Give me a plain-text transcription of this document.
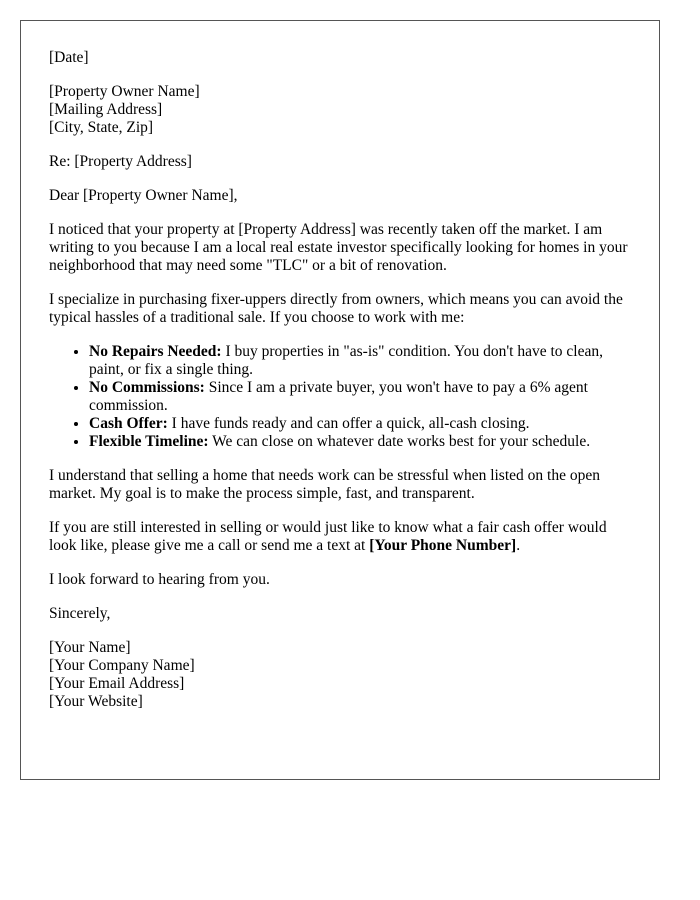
[Date]
[Property Owner Name]
[Mailing Address]
[City, State, Zip]

Re: [Property Address]

Dear [Property Owner Name],

I noticed that your property at [Property Address] was recently taken off the market. I am writing to you because I am a local real estate investor specifically looking for homes in your neighborhood that may need some "TLC" or a bit of renovation.

I specialize in purchasing fixer-uppers directly from owners, which means you can avoid the typical hassles of a traditional sale. If you choose to work with me:

• No Repairs Needed: I buy properties in "as-is" condition. You don't have to clean, paint, or fix a single thing.
• No Commissions: Since I am a private buyer, you won't have to pay a 6% agent commission.
• Cash Offer: I have funds ready and can offer a quick, all-cash closing.
• Flexible Timeline: We can close on whatever date works best for your schedule.

I understand that selling a home that needs work can be stressful when listed on the open market. My goal is to make the process simple, fast, and transparent.

If you are still interested in selling or would just like to know what a fair cash offer would look like, please give me a call or send me a text at [Your Phone Number].

I look forward to hearing from you.

Sincerely,

[Your Name]
[Your Company Name]
[Your Email Address]
[Your Website]
